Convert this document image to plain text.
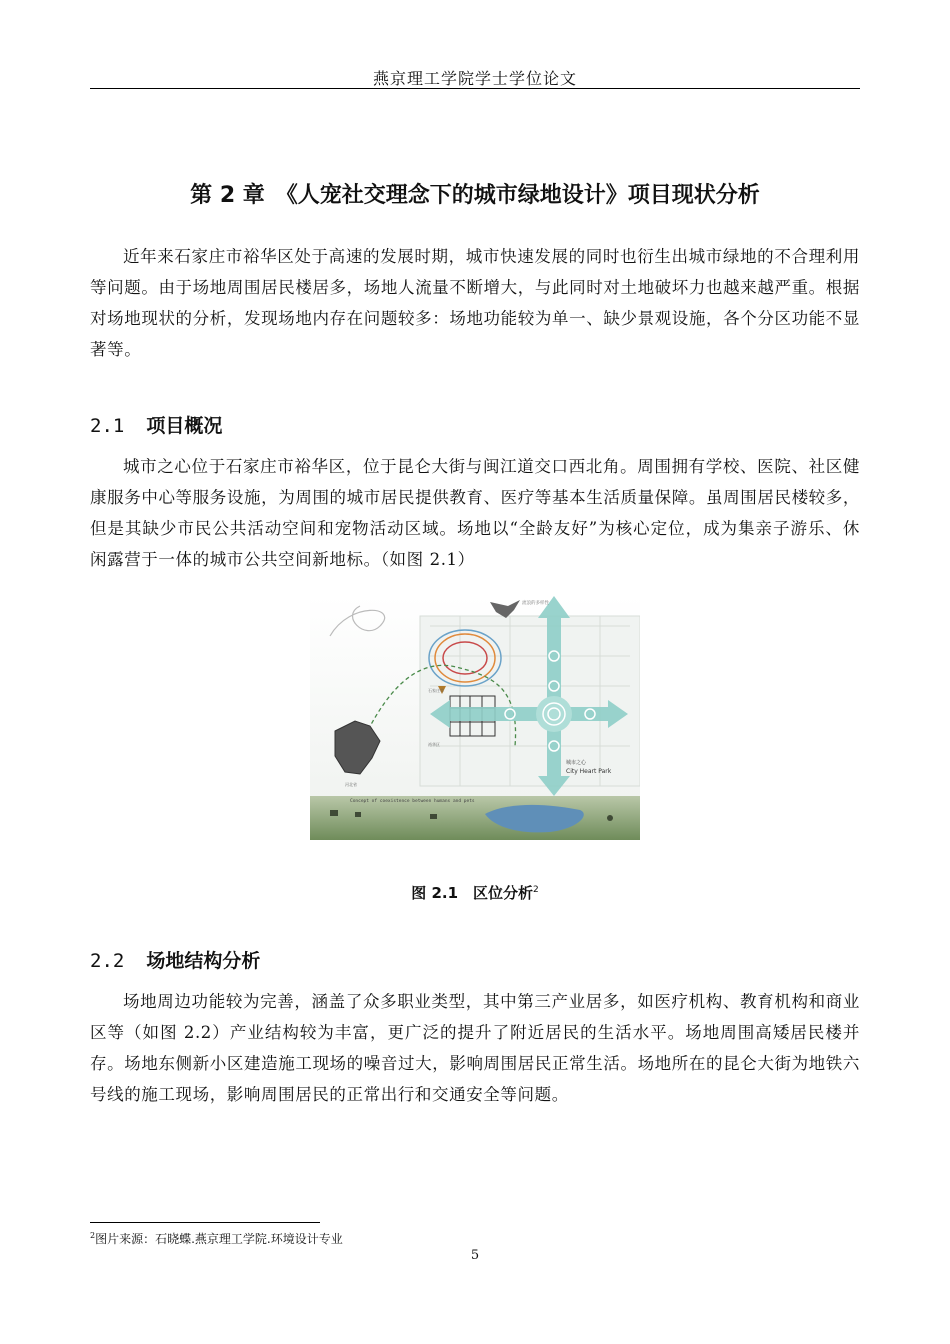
燕京理工学院学士学位论文
第 2 章　《人宠社交理念下的城市绿地设计》项目现状分析
近年来石家庄市裕华区处于高速的发展时期，城市快速发展的同时也衍生出城市绿地的不合理利用等问题。由于场地周围居民楼居多，场地人流量不断增大，与此同时对土地破坏力也越来越严重。根据对场地现状的分析，发现场地内存在问题较多：场地功能较为单一、缺少景观设施，各个分区功能不显著等。
2.1 项目概况
城市之心位于石家庄市裕华区，位于昆仑大街与闽江道交口西北角。周围拥有学校、医院、社区健康服务中心等服务设施，为周围的城市居民提供教育、医疗等基本生活质量保障。虽周围居民楼较多，但是其缺少市民公共活动空间和宠物活动区域。场地以“全龄友好”为核心定位，成为集亲子游乐、休闲露营于一体的城市公共空间新地标。（如图 2.1）
流浪的多样性
城市之心
City Heart Park
石家庄市
裕华区
河北省
Concept of coexistence between humans and pets
图 2.1　区位分析$^2$
2.2 场地结构分析
场地周边功能较为完善，涵盖了众多职业类型，其中第三产业居多，如医疗机构、教育机构和商业区等（如图 2.2）产业结构较为丰富，更广泛的提升了附近居民的生活水平。场地周围高矮居民楼并存。场地东侧新小区建造施工现场的噪音过大，影响周围居民正常生活。场地所在的昆仑大街为地铁六号线的施工现场，影响周围居民的正常出行和交通安全等问题。
$^2$图片来源：石晓蝶.燕京理工学院.环境设计专业
5
